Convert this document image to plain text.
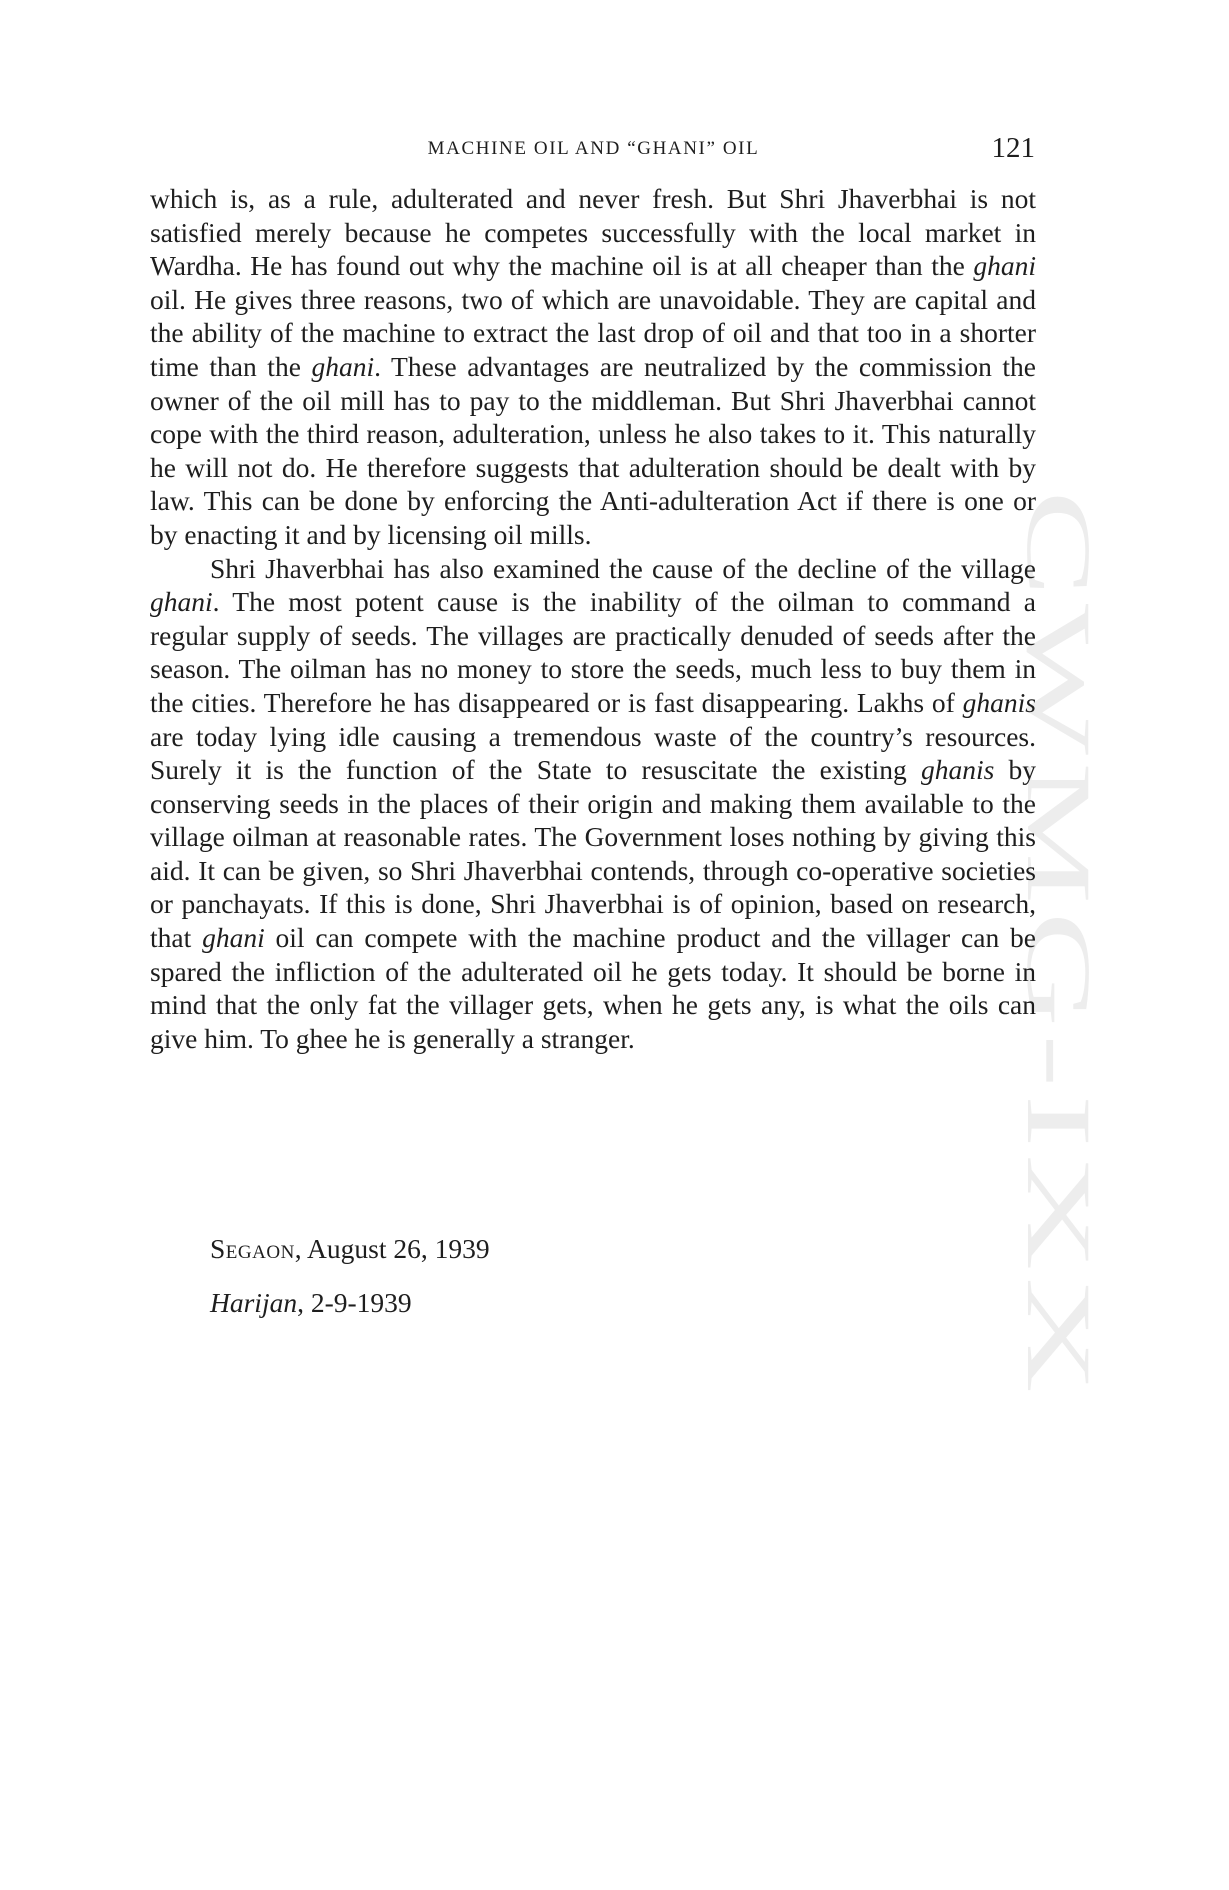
CWMG-IXX
MACHINE OIL AND “GHANI” OIL	121

which is, as a rule, adulterated and never fresh. But Shri Jhaverbhai is not satisfied merely because he competes successfully with the local market in Wardha. He has found out why the machine oil is at all cheaper than the ghani oil. He gives three reasons, two of which are unavoidable. They are capital and the ability of the machine to extract the last drop of oil and that too in a shorter time than the ghani. These advantages are neutralized by the commission the owner of the oil mill has to pay to the middleman. But Shri Jhaverbhai cannot cope with the third reason, adulteration, unless he also takes to it. This naturally he will not do. He therefore suggests that adulteration should be dealt with by law. This can be done by enforcing the Anti-adulteration Act if there is one or by enacting it and by licensing oil mills.

Shri Jhaverbhai has also examined the cause of the decline of the village ghani. The most potent cause is the inability of the oilman to command a regular supply of seeds. The villages are practically denuded of seeds after the season. The oilman has no money to store the seeds, much less to buy them in the cities. Therefore he has disappeared or is fast disappearing. Lakhs of ghanis are today lying idle causing a tremendous waste of the country’s resources. Surely it is the function of the State to resuscitate the existing ghanis by conserving seeds in the places of their origin and making them available to the village oilman at reasonable rates. The Government loses nothing by giving this aid. It can be given, so Shri Jhaverbhai contends, through co-operative societies or panchayats. If this is done, Shri Jhaverbhai is of opinion, based on research, that ghani oil can compete with the machine product and the villager can be spared the infliction of the adulterated oil he gets today. It should be borne in mind that the only fat the villager gets, when he gets any, is what the oils can give him. To ghee he is generally a stranger.

Segaon, August 26, 1939
Harijan, 2-9-1939
